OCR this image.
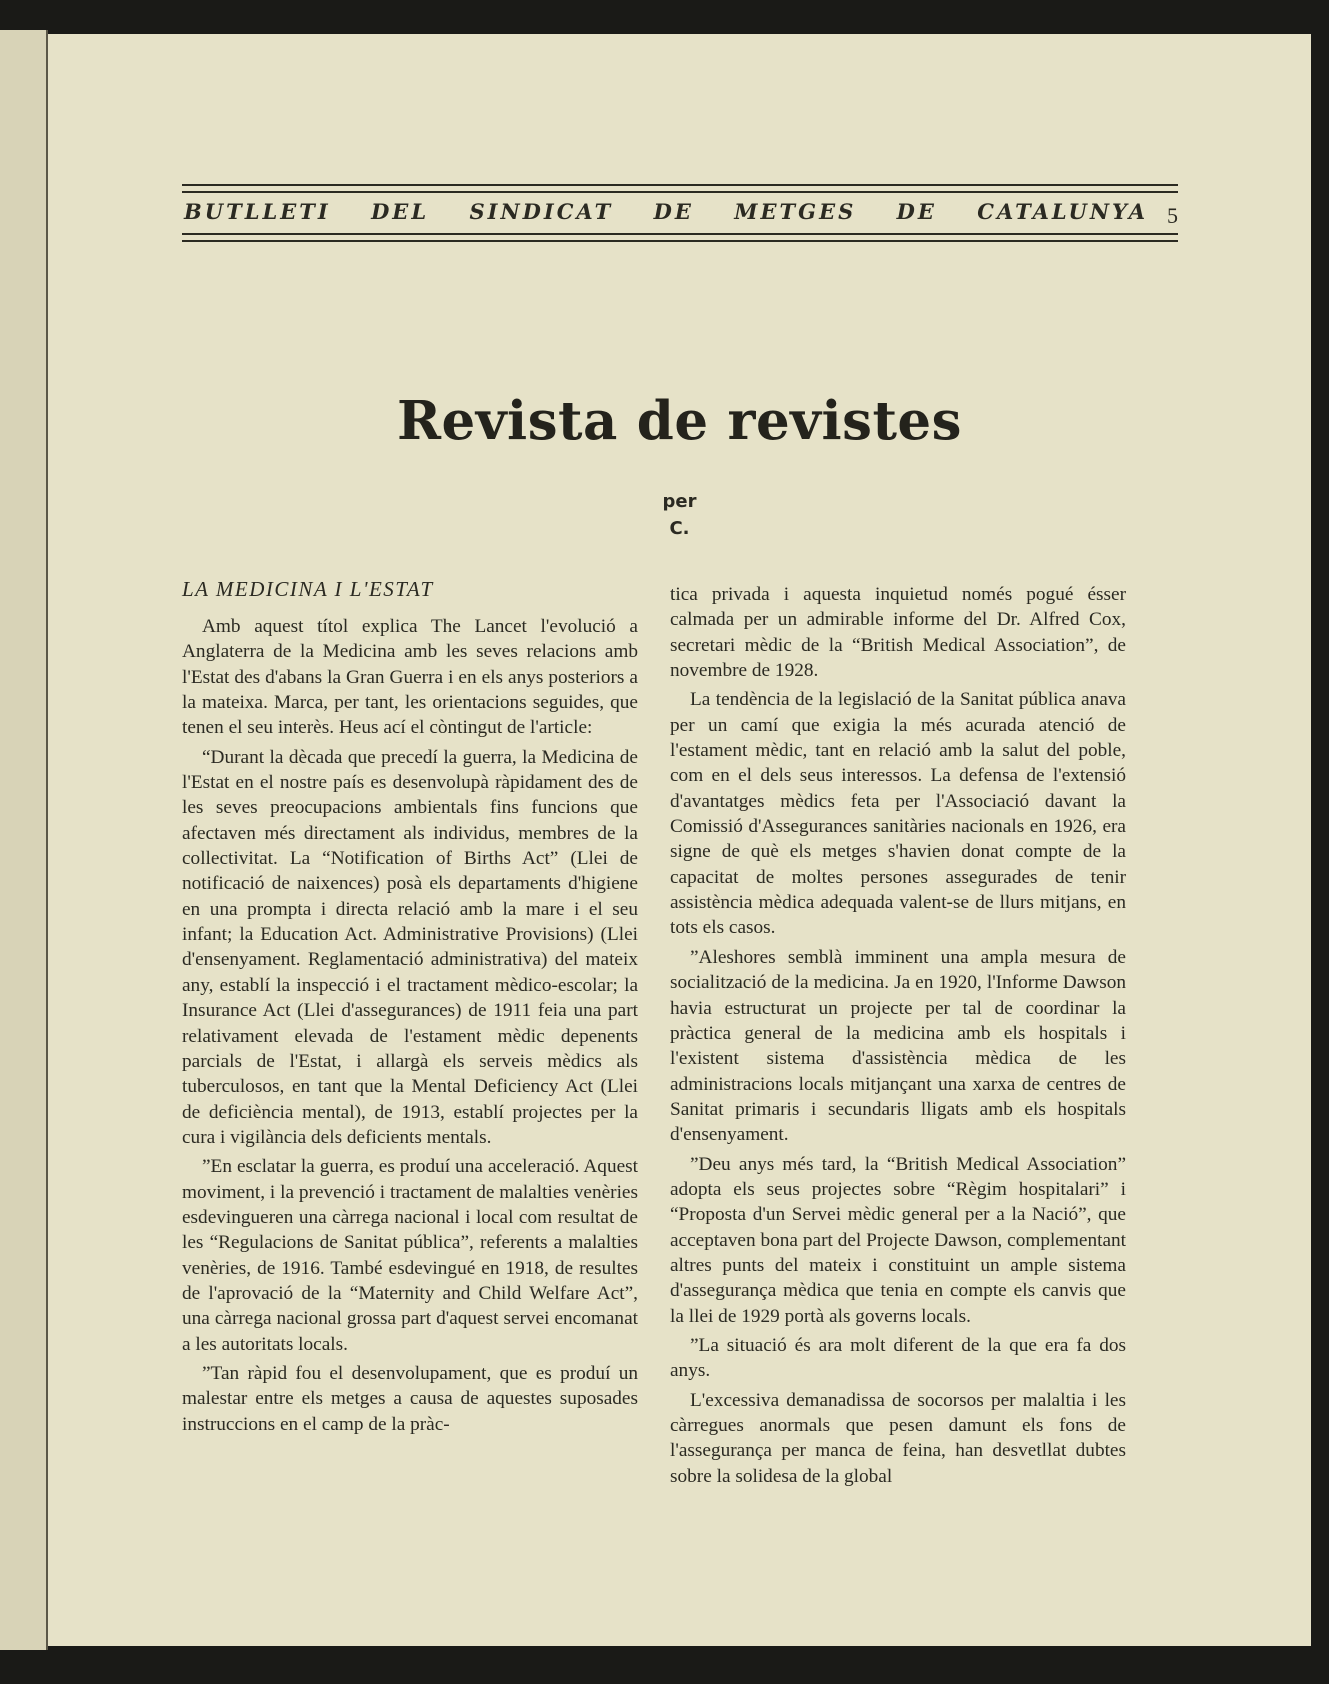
BUTLLETI DEL SINDICAT DE METGES DE CATALUNYA 5
Revista de revistes
per
C.
LA MEDICINA I L'ESTAT

Amb aquest títol explica The Lancet l'evolució a Anglaterra de la Medicina amb les seves relacions amb l'Estat des d'abans la Gran Guerra i en els anys posteriors a la mateixa. Marca, per tant, les orientacions seguides, que tenen el seu interès. Heus ací el còntingut de l'article:

“Durant la dècada que precedí la guerra, la Medicina de l'Estat en el nostre país es desenvolupà ràpidament des de les seves preocupacions ambientals fins funcions que afectaven més directament als individus, membres de la collectivitat. La “Notification of Births Act” (Llei de notificació de naixences) posà els departaments d'higiene en una prompta i directa relació amb la mare i el seu infant; la Education Act. Administrative Provisions) (Llei d'ensenyament. Reglamentació administrativa) del mateix any, establí la inspecció i el tractament mèdico-escolar; la Insurance Act (Llei d'assegurances) de 1911 feia una part relativament elevada de l'estament mèdic depenents parcials de l'Estat, i allargà els serveis mèdics als tuberculosos, en tant que la Mental Deficiency Act (Llei de deficiència mental), de 1913, establí projectes per la cura i vigilància dels deficients mentals.

”En esclatar la guerra, es produí una acceleració. Aquest moviment, i la prevenció i tractament de malalties venèries esdevingueren una càrrega nacional i local com resultat de les “Regulacions de Sanitat pública”, referents a malalties venèries, de 1916. També esdevingué en 1918, de resultes de l'aprovació de la “Maternity and Child Welfare Act”, una càrrega nacional grossa part d'aquest servei encomanat a les autoritats locals.

”Tan ràpid fou el desenvolupament, que es produí un malestar entre els metges a causa de aquestes suposades instruccions en el camp de la pràc-

tica privada i aquesta inquietud només pogué ésser calmada per un admirable informe del Dr. Alfred Cox, secretari mèdic de la “British Medical Association”, de novembre de 1928.

La tendència de la legislació de la Sanitat pública anava per un camí que exigia la més acurada atenció de l'estament mèdic, tant en relació amb la salut del poble, com en el dels seus interessos. La defensa de l'extensió d'avantatges mèdics feta per l'Associació davant la Comissió d'Assegurances sanitàries nacionals en 1926, era signe de què els metges s'havien donat compte de la capacitat de moltes persones assegurades de tenir assistència mèdica adequada valent-se de llurs mitjans, en tots els casos.

”Aleshores semblà imminent una ampla mesura de socialització de la medicina. Ja en 1920, l'Informe Dawson havia estructurat un projecte per tal de coordinar la pràctica general de la medicina amb els hospitals i l'existent sistema d'assistència mèdica de les administracions locals mitjançant una xarxa de centres de Sanitat primaris i secundaris lligats amb els hospitals d'ensenyament.

”Deu anys més tard, la “British Medical Association” adopta els seus projectes sobre “Règim hospitalari” i “Proposta d'un Servei mèdic general per a la Nació”, que acceptaven bona part del Projecte Dawson, complementant altres punts del mateix i constituint un ample sistema d'assegurança mèdica que tenia en compte els canvis que la llei de 1929 portà als governs locals.

”La situació és ara molt diferent de la que era fa dos anys.

L'excessiva demanadissa de socorsos per malaltia i les càrregues anormals que pesen damunt els fons de l'assegurança per manca de feina, han desvetllat dubtes sobre la solidesa de la global
